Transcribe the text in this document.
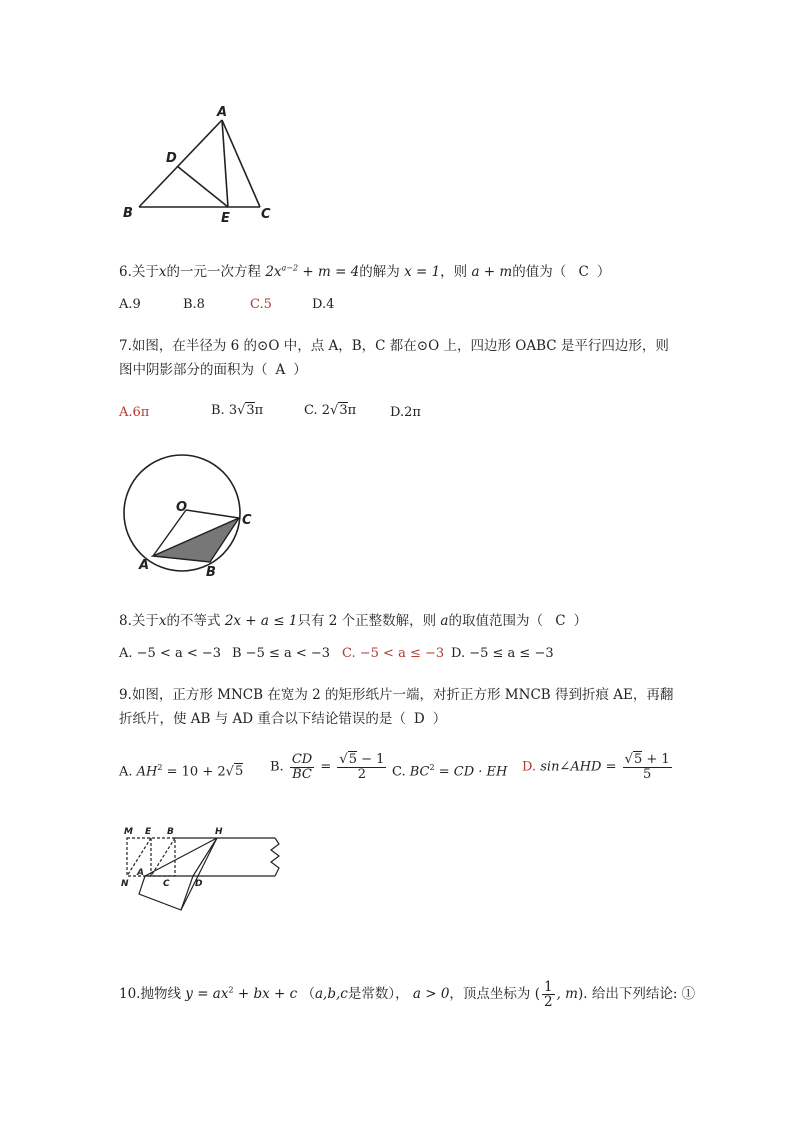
A
D
B	E C
6.关于x的一元一次方程 $2x^{a-2} + m = 4$的解为 x = 1，则 a + m的值为（ C ）
A.9	B.8	C.5	D.4
7.如图，在半径为 6 的⊙O 中，点 A，B，C 都在⊙O 上，四边形 OABC 是平行四边形，则
图中阴影部分的面积为（ A ）
A.6π	B. 3√3π	C. 2√3π	D.2π
O
C
A	B
8.关于x的不等式 2x + a ≤ 1只有 2 个正整数解，则 a的取值范围为（ C ）
A. −5 < a < −3 B −5 ≤ a < −3 C. −5 < a ≤ −3 D. −5 ≤ a ≤ −3
9.如图，正方形 MNCB 在宽为 2 的矩形纸片一端，对折正方形 MNCB 得到折痕 AE，再翻
折纸片，使 AB 与 AD 重合以下结论错误的是（ D ）
A. $AH^2 = 10 + 2√5$ B. $\frac{CD}{BC} = \frac{√5 - 1}{2} C$. $BC^2$ = CD · EH D. sin∠AHD = $\frac{√5 + 1}{5}$
M E B	H
N
A
C	D
10.抛物线 $y = ax^2$ + bx + c （a,b,c是常数）， a > 0，顶点坐标为 ( $\frac{1}{2}$ , m). 给出下列结论: ①
